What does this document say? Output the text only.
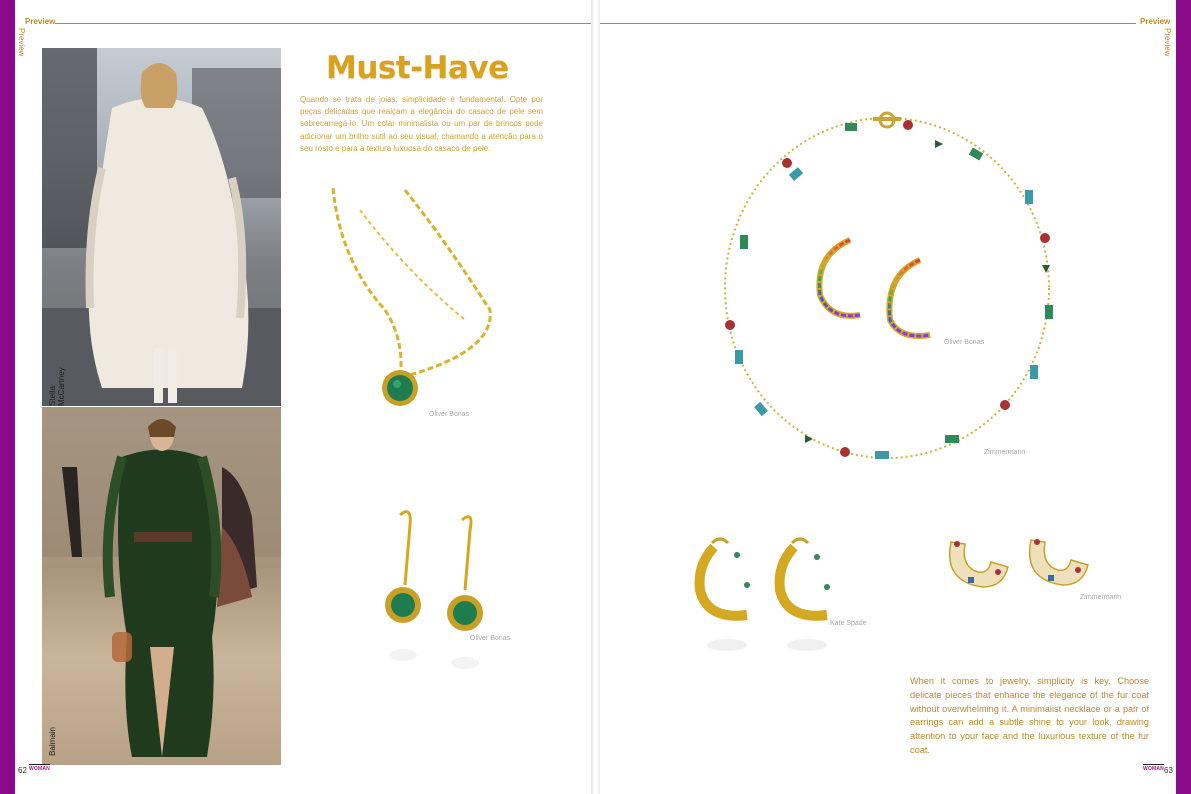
Preview
Preview
Stella McCartney
Balmain
Must-Have
Quando se trata de joias, simplicidade é fundamental. Opte por peças delicadas que realçam a elegância do casaco de pele sem sobrecarregá-lo. Um colar minimalista ou um par de brincos pode adicionar um brilho sutil ao seu visual, chamando a atenção para o seu rosto e para a textura luxuosa do casaco de pele.
Oliver Bonas
Oliver Bonas
62 WOMAN
Preview
Preview
Oliver Bonas
Zimmermann
Kate Spade
Zimmermann
When it comes to jewelry, simplicity is key. Choose delicate pieces that enhance the elegance of the fur coat without overwhelming it. A minimalist necklace or a pair of earrings can add a subtle shine to your look, drawing attention to your face and the luxurious texture of the fur coat.
WOMAN 63
